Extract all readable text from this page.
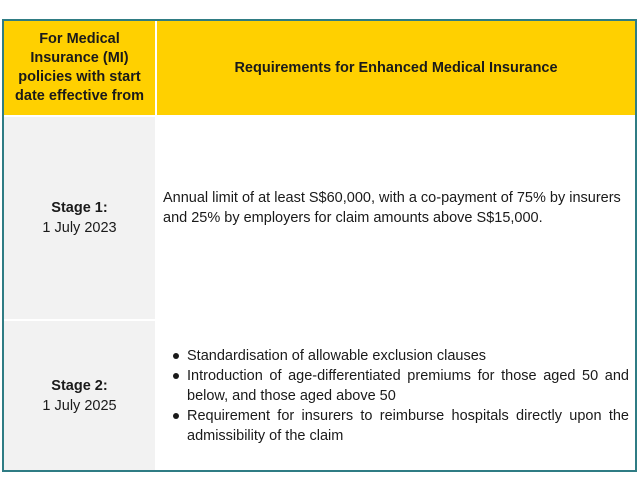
For Medical Insurance (MI) policies with start date effective from
Requirements for Enhanced Medical Insurance
Stage 1:
1 July 2023

Annual limit of at least S$60,000, with a co-payment of 75% by insurers and 25% by employers for claim amounts above S$15,000.

Stage 2:
1 July 2025
Standardisation of allowable exclusion clauses
Introduction of age-differentiated premiums for those aged 50 and below, and those aged above 50
Requirement for insurers to reimburse hospitals directly upon the admissibility of the claim
